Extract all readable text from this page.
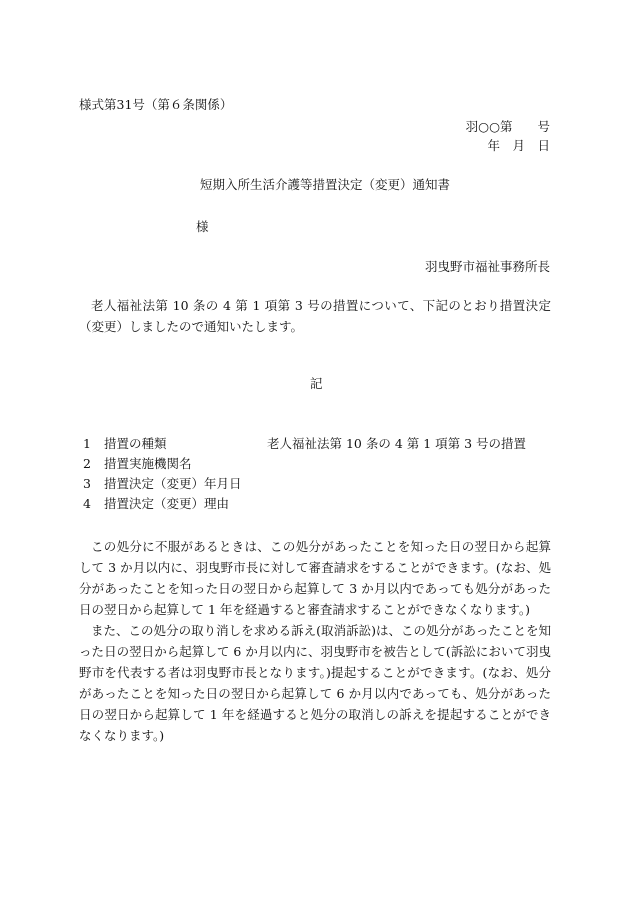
様式第31号（第６条関係）
羽○○第　　号
年　月　日
短期入所生活介護等措置決定（変更）通知書
様
羽曳野市福祉事務所長
老人福祉法第 10 条の 4 第 1 項第 3 号の措置について、下記のとおり措置決定（変更）しましたので通知いたします。
記
1 措置の種類	老人福祉法第 10 条の 4 第 1 項第 3 号の措置
2 措置実施機関名
3 措置決定（変更）年月日
4 措置決定（変更）理由
この処分に不服があるときは、この処分があったことを知った日の翌日から起算して 3 か月以内に、羽曳野市長に対して審査請求をすることができます。(なお、処分があったことを知った日の翌日から起算して 3 か月以内であっても処分があった日の翌日から起算して 1 年を経過すると審査請求することができなくなります。)
また、この処分の取り消しを求める訴え(取消訴訟)は、この処分があったことを知った日の翌日から起算して 6 か月以内に、羽曳野市を被告として(訴訟において羽曳野市を代表する者は羽曳野市長となります。)提起することができます。(なお、処分があったことを知った日の翌日から起算して 6 か月以内であっても、処分があった日の翌日から起算して 1 年を経過すると処分の取消しの訴えを提起することができなくなります。)
